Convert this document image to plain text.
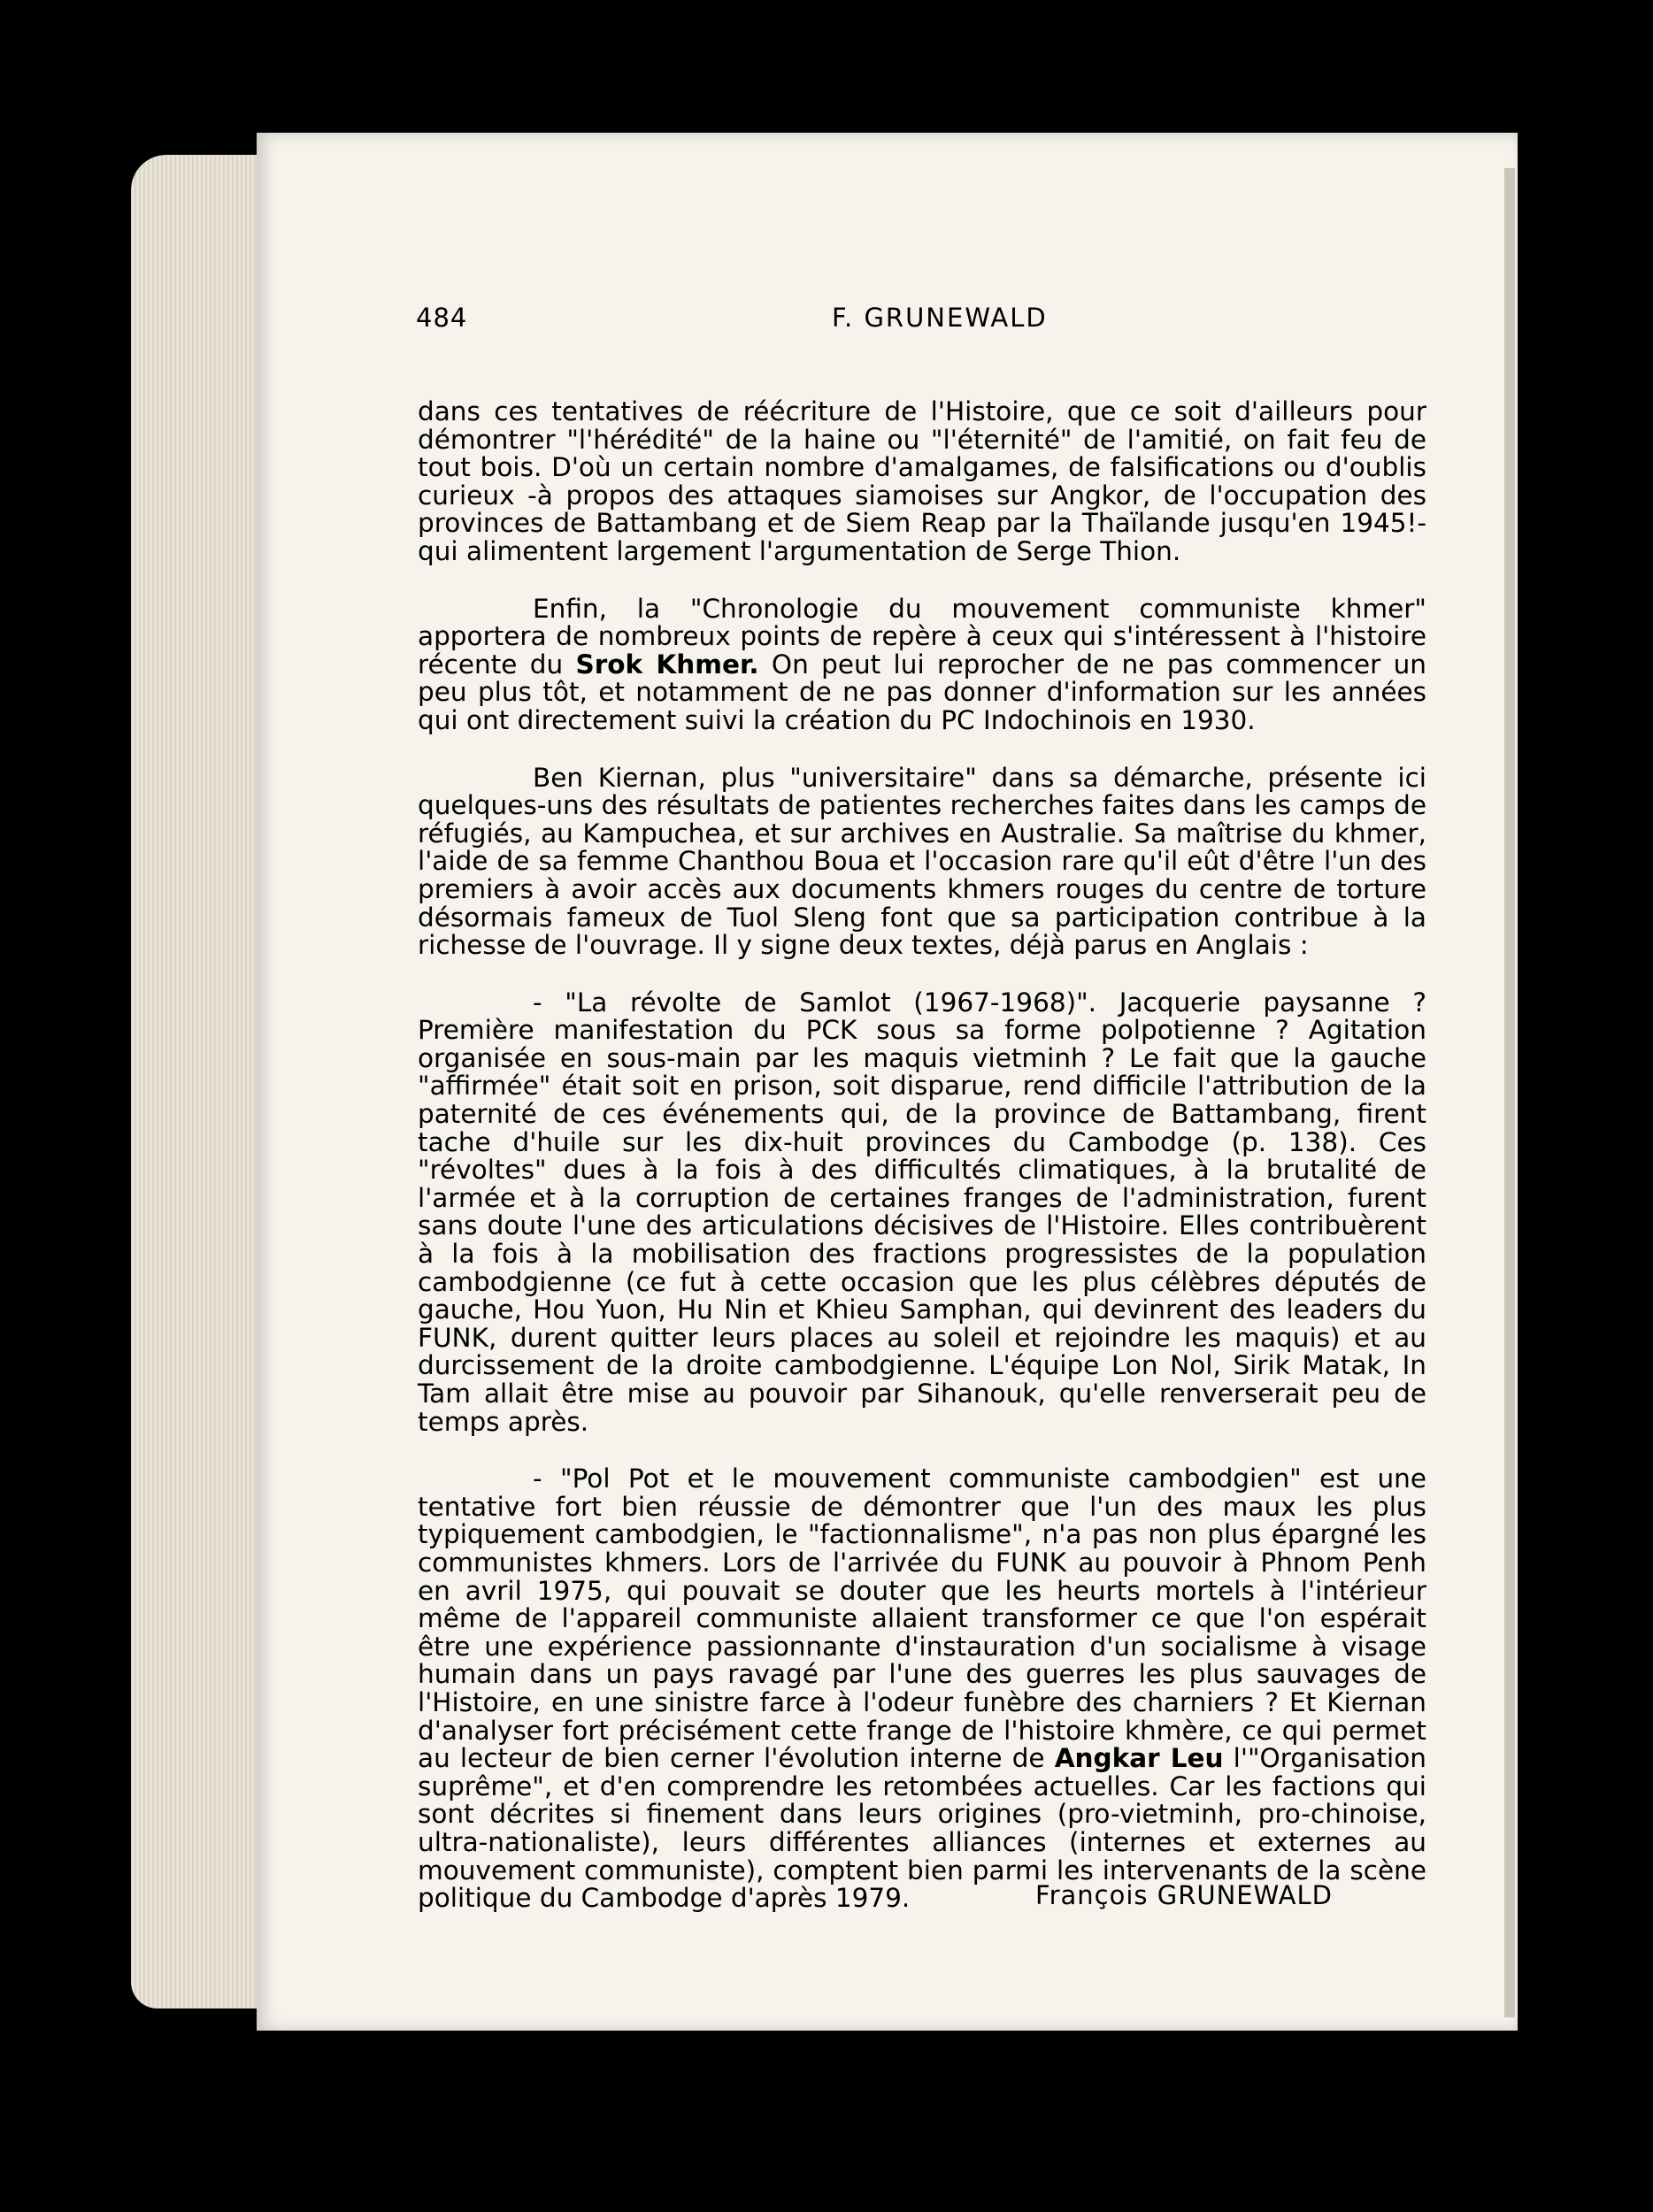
484	F. GRUNEWALD

dans ces tentatives de réécriture de l'Histoire, que ce soit d'ailleurs pour démontrer "l'hérédité" de la haine ou "l'éternité" de l'amitié, on fait feu de tout bois. D'où un certain nombre d'amalgames, de falsifications ou d'oublis curieux -à propos des attaques siamoises sur Angkor, de l'occupation des provinces de Battambang et de Siem Reap par la Thaïlande jusqu'en 1945!- qui alimentent largement l'argumentation de Serge Thion.

Enfin, la "Chronologie du mouvement communiste khmer" apportera de nombreux points de repère à ceux qui s'intéressent à l'histoire récente du Srok Khmer. On peut lui reprocher de ne pas commencer un peu plus tôt, et notamment de ne pas donner d'information sur les années qui ont directement suivi la création du PC Indochinois en 1930.

Ben Kiernan, plus "universitaire" dans sa démarche, présente ici quelques-uns des résultats de patientes recherches faites dans les camps de réfugiés, au Kampuchea, et sur archives en Australie. Sa maîtrise du khmer, l'aide de sa femme Chanthou Boua et l'occasion rare qu'il eût d'être l'un des premiers à avoir accès aux documents khmers rouges du centre de torture désormais fameux de Tuol Sleng font que sa participation contribue à la richesse de l'ouvrage. Il y signe deux textes, déjà parus en Anglais :

- "La révolte de Samlot (1967-1968)". Jacquerie paysanne ? Première manifestation du PCK sous sa forme polpotienne ? Agitation organisée en sous-main par les maquis vietminh ? Le fait que la gauche "affirmée" était soit en prison, soit disparue, rend difficile l'attribution de la paternité de ces événements qui, de la province de Battambang, firent tache d'huile sur les dix-huit provinces du Cambodge (p. 138). Ces "révoltes" dues à la fois à des difficultés climatiques, à la brutalité de l'armée et à la corruption de certaines franges de l'administration, furent sans doute l'une des articulations décisives de l'Histoire. Elles contribuèrent à la fois à la mobilisation des fractions progressistes de la population cambodgienne (ce fut à cette occasion que les plus célèbres députés de gauche, Hou Yuon, Hu Nin et Khieu Samphan, qui devinrent des leaders du FUNK, durent quitter leurs places au soleil et rejoindre les maquis) et au durcissement de la droite cambodgienne. L'équipe Lon Nol, Sirik Matak, In Tam allait être mise au pouvoir par Sihanouk, qu'elle renverserait peu de temps après.

- "Pol Pot et le mouvement communiste cambodgien" est une tentative fort bien réussie de démontrer que l'un des maux les plus typiquement cambodgien, le "factionnalisme", n'a pas non plus épargné les communistes khmers. Lors de l'arrivée du FUNK au pouvoir à Phnom Penh en avril 1975, qui pouvait se douter que les heurts mortels à l'intérieur même de l'appareil communiste allaient transformer ce que l'on espérait être une expérience passionnante d'instauration d'un socialisme à visage humain dans un pays ravagé par l'une des guerres les plus sauvages de l'Histoire, en une sinistre farce à l'odeur funèbre des charniers ? Et Kiernan d'analyser fort précisément cette frange de l'histoire khmère, ce qui permet au lecteur de bien cerner l'évolution interne de Angkar Leu l'"Organisation suprême", et d'en comprendre les retombées actuelles. Car les factions qui sont décrites si finement dans leurs origines (pro-vietminh, pro-chinoise, ultra-nationaliste), leurs différentes alliances (internes et externes au mouvement communiste), comptent bien parmi les intervenants de la scène politique du Cambodge d'après 1979.	François GRUNEWALD
